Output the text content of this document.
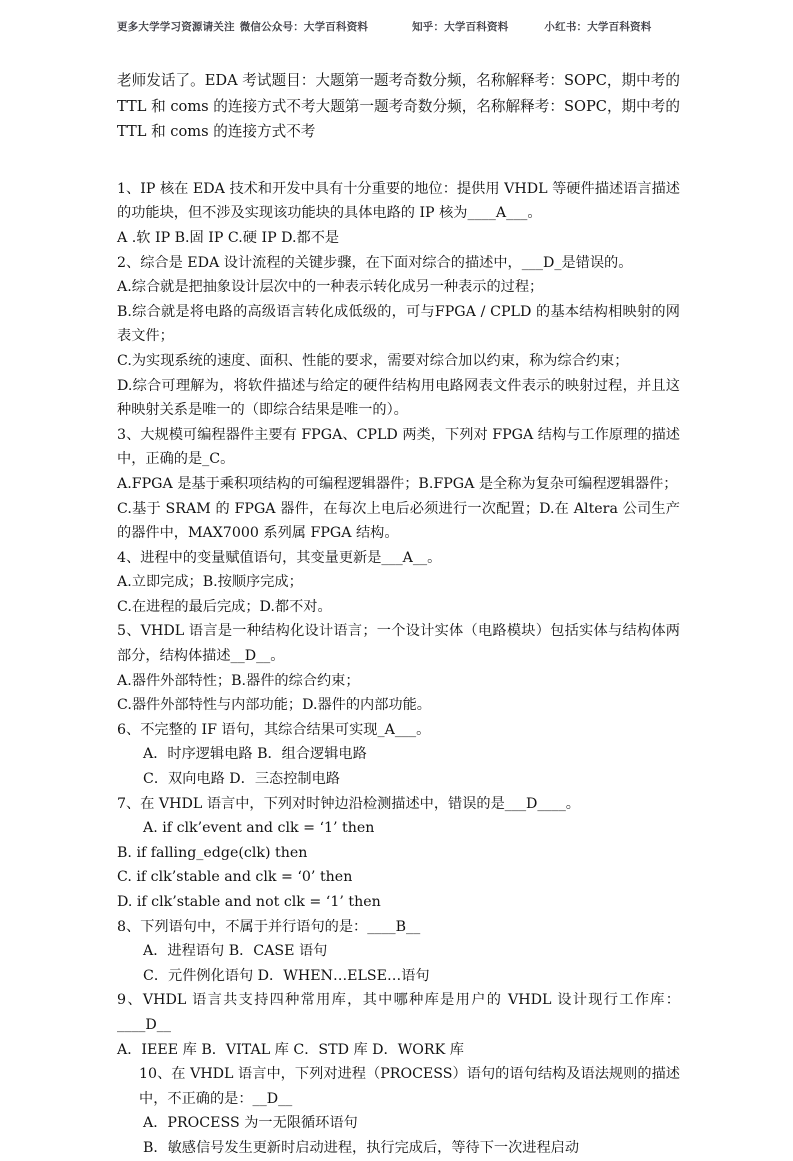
更多大学学习资源请关注 微信公众号：大学百科资料	知乎：大学百科资料	小红书：大学百科资料

老师发话了。EDA 考试题目：大题第一题考奇数分频，名称解释考：SOPC，期中考的 TTL 和 coms 的连接方式不考大题第一题考奇数分频，名称解释考：SOPC，期中考的 TTL 和 coms 的连接方式不考

1、IP 核在 EDA 技术和开发中具有十分重要的地位：提供用 VHDL 等硬件描述语言描述的功能块，但不涉及实现该功能块的具体电路的 IP 核为____A___。

A .软 IP B.固 IP C.硬 IP D.都不是

2、综合是 EDA 设计流程的关键步骤，在下面对综合的描述中，___D_是错误的。

A.综合就是把抽象设计层次中的一种表示转化成另一种表示的过程；

B.综合就是将电路的高级语言转化成低级的，可与FPGA / CPLD 的基本结构相映射的网表文件；

C.为实现系统的速度、面积、性能的要求，需要对综合加以约束，称为综合约束；

D.综合可理解为，将软件描述与给定的硬件结构用电路网表文件表示的映射过程，并且这种映射关系是唯一的（即综合结果是唯一的）。

3、大规模可编程器件主要有 FPGA、CPLD 两类，下列对 FPGA 结构与工作原理的描述中，正确的是_C。

A.FPGA 是基于乘积项结构的可编程逻辑器件；B.FPGA 是全称为复杂可编程逻辑器件；

C.基于 SRAM 的 FPGA 器件，在每次上电后必须进行一次配置；D.在 Altera 公司生产的器件中，MAX7000 系列属 FPGA 结构。

4、进程中的变量赋值语句，其变量更新是___A__。

A.立即完成；B.按顺序完成；

C.在进程的最后完成；D.都不对。

5、VHDL 语言是一种结构化设计语言；一个设计实体（电路模块）包括实体与结构体两部分，结构体描述__D__。

A.器件外部特性；B.器件的综合约束；

C.器件外部特性与内部功能；D.器件的内部功能。

6、不完整的 IF 语句，其综合结果可实现_A___。

A．时序逻辑电路 B．组合逻辑电路

C．双向电路 D．三态控制电路

7、在 VHDL 语言中，下列对时钟边沿检测描述中，错误的是___D____。

A. if clk’event and clk = ‘1’ then

B. if falling_edge(clk) then

C. if clk’stable and clk = ‘0’ then

D. if clk’stable and not clk = ‘1’ then

8、下列语句中，不属于并行语句的是：____B__

A．进程语句 B．CASE 语句

C．元件例化语句 D．WHEN…ELSE…语句

9、VHDL 语言共支持四种常用库，其中哪种库是用户的 VHDL 设计现行工作库：____D__

A．IEEE 库 B．VITAL 库 C．STD 库 D．WORK 库

10、在 VHDL 语言中，下列对进程（PROCESS）语句的语句结构及语法规则的描述中，不正确的是：__D__

A．PROCESS 为一无限循环语句

B．敏感信号发生更新时启动进程，执行完成后，等待下一次进程启动
